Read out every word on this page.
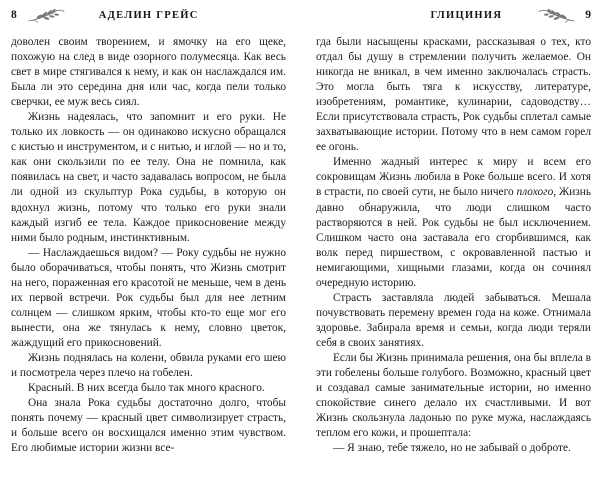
8	АДЕЛИН ГРЕЙС

доволен своим творением, и ямочку на его щеке, похожую на след в виде озорного полумесяца. Как весь свет в мире стягивался к нему, и как он наслаждался им. Была ли это середина дня или час, когда пели только сверчки, ее муж весь сиял.

Жизнь надеялась, что запомнит и его руки. Не только их ловкость — он одинаково искусно обращался с кистью и инструментом, и с нитью, и иглой — но и то, как они скользили по ее телу. Она не помнила, как появилась на свет, и часто задавалась вопросом, не была ли одной из скульптур Рока судьбы, в которую он вдохнул жизнь, потому что только его руки знали каждый изгиб ее тела. Каждое прикосновение между ними было родным, инстинктивным.

— Наслаждаешься видом? — Року судьбы не нужно было оборачиваться, чтобы понять, что Жизнь смотрит на него, пораженная его красотой не меньше, чем в день их первой встречи. Рок судьбы был для нее летним солнцем — слишком ярким, чтобы кто-то еще мог его вынести, она же тянулась к нему, словно цветок, жаждущий его прикосновений.

Жизнь поднялась на колени, обвила руками его шею и посмотрела через плечо на гобелен.

Красный. В них всегда было так много красного.

Она знала Рока судьбы достаточно долго, чтобы понять почему — красный цвет символизирует страсть, и больше всего он восхищался именно этим чувством. Его любимые истории жизни все-

ГЛИЦИНИЯ	9

гда были насыщены красками, рассказывая о тех, кто отдал бы душу в стремлении получить желаемое. Он никогда не вникал, в чем именно заключалась страсть. Это могла быть тяга к искусству, литературе, изобретениям, романтике, кулинарии, садоводству… Если присутствовала страсть, Рок судьбы сплетал самые захватывающие истории. Потому что в нем самом горел ее огонь.

Именно жадный интерес к миру и всем его сокровищам Жизнь любила в Роке больше всего. И хотя в страсти, по своей сути, не было ничего плохого, Жизнь давно обнаружила, что люди слишком часто растворяются в ней. Рок судьбы не был исключением. Слишком часто она заставала его сгорбившимся, как волк перед пиршеством, с окровавленной пастью и немигающими, хищными глазами, когда он сочинял очередную историю.

Страсть заставляла людей забываться. Мешала почувствовать перемену времен года на коже. Отнимала здоровье. Забирала время и семьи, когда люди теряли себя в своих занятиях.

Если бы Жизнь принимала решения, она бы вплела в эти гобелены больше голубого. Возможно, красный цвет и создавал самые занимательные истории, но именно спокойствие синего делало их счастливыми. И вот Жизнь скользнула ладонью по руке мужа, наслаждаясь теплом его кожи, и прошептала:

— Я знаю, тебе тяжело, но не забывай о доброте.
